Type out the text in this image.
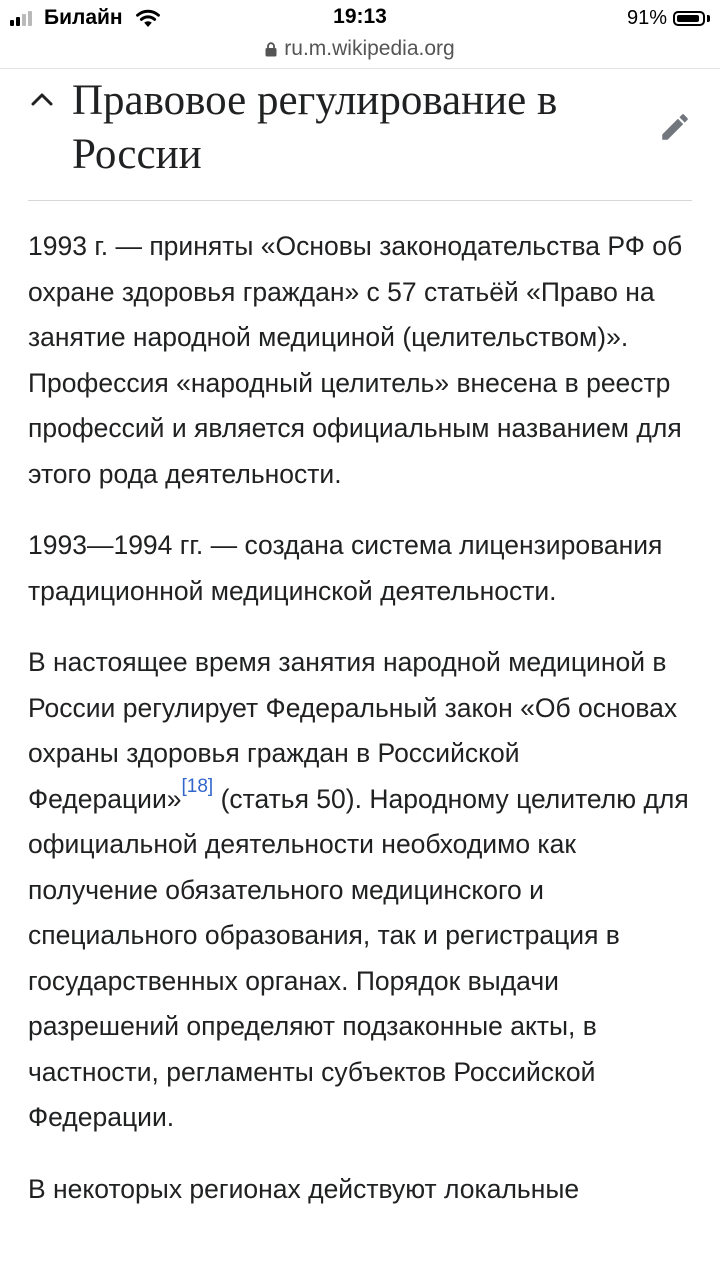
Билайн	19:13	91%
ru.m.wikipedia.org
Правовое регулирование в России

1993 г. — приняты «Основы законодательства РФ об охране здоровья граждан» с 57 статьёй «Право на занятие народной медициной (целительством)». Профессия «народный целитель» внесена в реестр профессий и является официальным названием для этого рода деятельности.

1993—1994 гг. — создана система лицензирования традиционной медицинской деятельности.

В настоящее время занятия народной медициной в России регулирует Федеральный закон «Об основах охраны здоровья граждан в Российской Федерации»[18] (статья 50). Народному целителю для официальной деятельности необходимо как получение обязательного медицинского и специального образования, так и регистрация в государственных органах. Порядок выдачи разрешений определяют подзаконные акты, в частности, регламенты субъектов Российской Федерации.

В некоторых регионах действуют локальные
